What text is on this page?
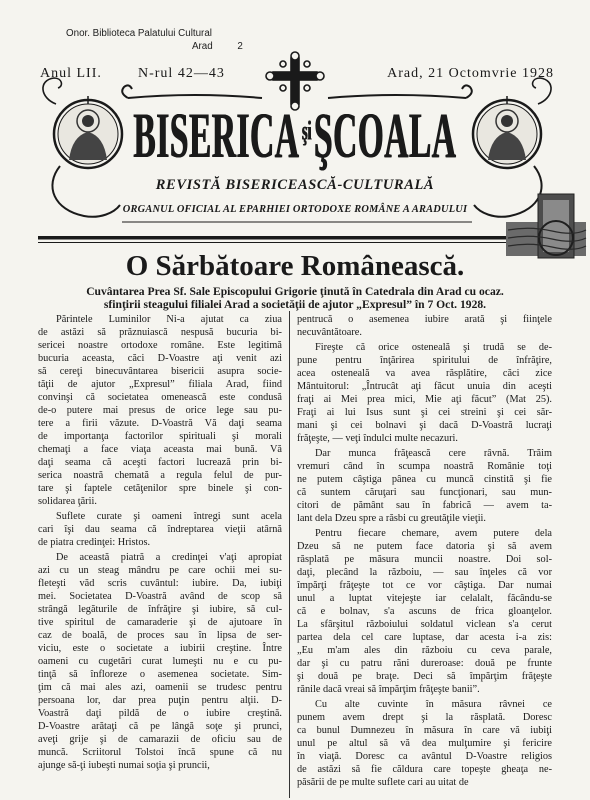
Onor. Biblioteca Palatului Cultural
Arad 2
Anul LII.	N-rul 42—43	Arad, 21 Octomvrie 1928
BISERICA $^{şi}$ŞCOALA
REVISTĂ BISERICEASCĂ-CULTURALĂ
ORGANUL OFICIAL AL EPARHIEI ORTODOXE ROMÂNE A ARADULUI
O Sărbătoare Românească.
Cuvântarea Prea Sf. Sale Episcopului Grigorie ţinută în Catedrala din Arad cu ocaz.
sfinţirii steagului filialei Arad a societăţii de ajutor „Expresul” în 7 Oct. 1928.
Părintele Luminilor Ni-a ajutat ca ziua
de astăzi să prăznuiască nespusă bucuria bi-
sericei noastre ortodoxe române. Este legitimă
bucuria aceasta, căci D-Voastre aţi venit azi
să cereţi binecuvântarea bisericii asupra socie-
tăţii de ajutor „Expresul” filiala Arad, fiind
convinşi că societatea omenească este condusă
de-o putere mai presus de orice lege sau pu-
tere a firii văzute. D-Voastră Vă daţi seama
de importanţa factorilor spirituali şi morali
chemaţi a face viaţa aceasta mai bună. Vă
daţi seama că aceşti factori lucrează prin bi-
serica noastră chemată a regula felul de pur-
tare şi faptele cetăţenilor spre binele şi con-
solidarea ţării.
Suflete curate şi oameni întregi sunt acela
cari îşi dau seama că îndreptarea vieţii atârnă
de piatra credinţei: Hristos.
De această piatră a credinţei v'aţi apropiat
azi cu un steag mândru pe care ochii mei su-
fleteşti văd scris cuvântul: iubire. Da, iubiţi
mei. Societatea D-Voastră având de scop să
strângă legăturile de înfrăţire şi iubire, să cul-
tive spiritul de camaraderie şi de ajutoare în
caz de boală, de proces sau în lipsa de ser-
viciu, este o societate a iubirii creştine. Între
oameni cu cugetări curat lumeşti nu e cu pu-
tinţă să înfloreze o asemenea societate. Sim-
ţim că mai ales azi, oamenii se trudesc pentru
persoana lor, dar prea puţin pentru alţii. D-
Voastră daţi pildă de o iubire creştină.
D-Voastre arătaţi că pe lângă soţe şi prunci,
aveţi grije şi de camarazii de oficiu sau de
muncă. Scriitorul Tolstoi încă spune că nu
ajunge să-ţi iubeşti numai soţia şi pruncii,
pentrucă o asemenea iubire arată şi fiinţele
necuvântătoare.
Fireşte că orice osteneală şi trudă se de-
pune pentru înţărirea spiritului de înfrăţire,
acea osteneală va avea răsplătire, căci zice
Mântuitorul: „Întrucât aţi făcut unuia din aceşti
fraţi ai Mei prea mici, Mie aţi făcut” (Mat 25).
Fraţi ai lui Isus sunt şi cei streini şi cei săr-
mani şi cei bolnavi şi dacă D-Voastră lucraţi
frăţeşte, — veţi îndulci multe necazuri.
Dar munca frăţească cere râvnă. Trăim
vremuri când în scumpa noastră Românie toţi
ne putem câştiga pânea cu muncă cinstită şi fie
că suntem căruţari sau funcţionari, sau mun-
citori de pământ sau în fabrică — avem ta-
lant dela Dzeu spre a răsbi cu greutăţile vieţii.
Pentru fiecare chemare, avem putere dela
Dzeu să ne putem face datoria şi să avem
răsplată pe măsura muncii noastre. Doi sol-
daţi, plecând la războiu, — sau înţeles că vor
împărţi frăţeşte tot ce vor câştiga. Dar numai
unul a luptat vitejeşte iar celalalt, făcându-se
că e bolnav, s'a ascuns de frica gloanţelor.
La sfârşitul războiului soldatul viclean s'a cerut
partea dela cel care luptase, dar acesta i-a zis:
„Eu m'am ales din războiu cu ceva parale,
dar şi cu patru răni dureroase: două pe frunte
şi două pe braţe. Deci să împărţim frăţeşte
rănile dacă vreai să împărţim frăţeşte banii”.
Cu alte cuvinte în măsura râvnei ce
punem avem drept şi la răsplată. Doresc
ca bunul Dumnezeu în măsura în care vă iubiţi
unul pe altul să vă dea mulţumire şi fericire
în viaţă. Doresc ca avântul D-Voastre religios
de astăzi să fie căldura care topeşte gheaţa ne-
păsării de pe multe suflete cari au uitat de
